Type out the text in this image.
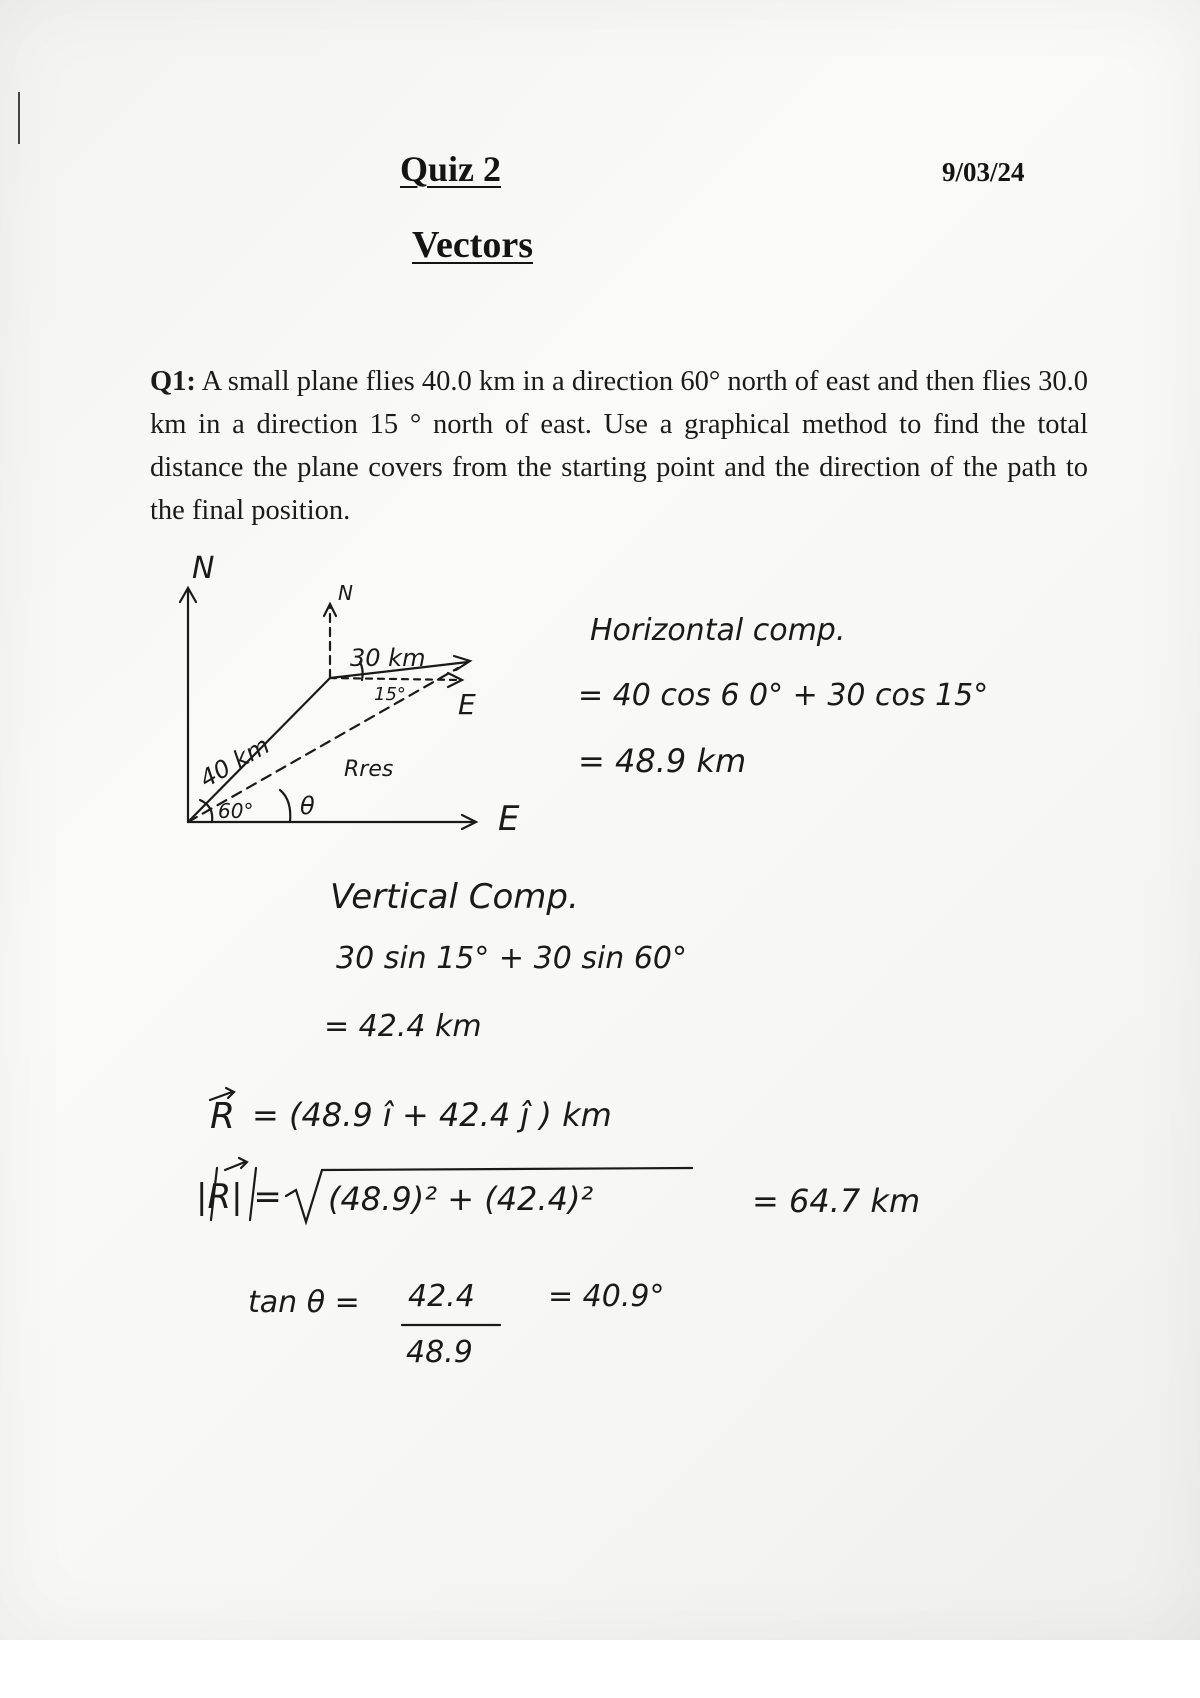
Quiz 2	9/03/24
Vectors
Q1: A small plane flies 40.0 km in a direction 60° north of east and then flies 30.0 km in a direction 15 ° north of east. Use a graphical method to find the total distance the plane covers from the starting point and the direction of the path to the final position.
N
N
E
E
40 km
30 km
60°
15°
θ
Rres
Horizontal comp.
= 40 cos 6 0° + 30 cos 15°
= 48.9 km
Vertical Comp.
30 sin 15° + 30 sin 60°
= 42.4 km
R = (48.9 î + 42.4 ĵ ) km
|R| = (48.9)² + (42.4)²	= 64.7 km
tan θ = 42.4
48.9
= 40.9°
